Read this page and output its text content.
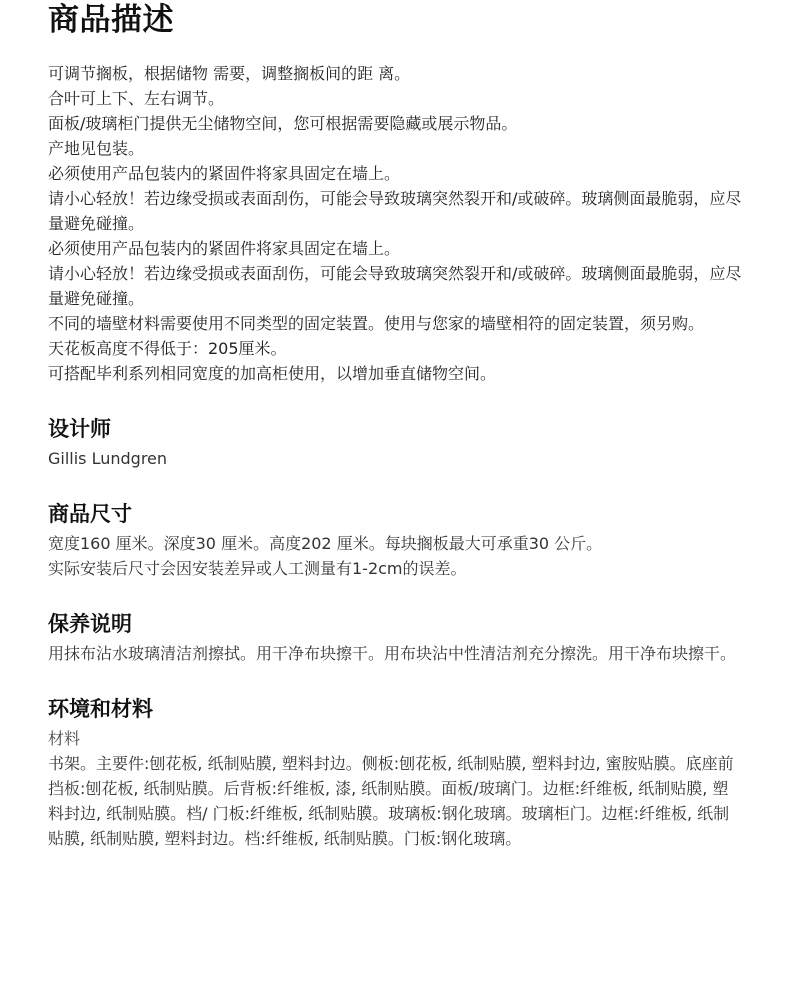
商品描述

可调节搁板，根据储物 需要，调整搁板间的距 离。

合叶可上下、左右调节。

面板/玻璃柜门提供无尘储物空间，您可根据需要隐藏或展示物品。

产地见包装。

必须使用产品包装内的紧固件将家具固定在墙上。

请小心轻放！若边缘受损或表面刮伤，可能会导致玻璃突然裂开和/或破碎。玻璃侧面最脆弱，应尽量避免碰撞。

必须使用产品包装内的紧固件将家具固定在墙上。

请小心轻放！若边缘受损或表面刮伤，可能会导致玻璃突然裂开和/或破碎。玻璃侧面最脆弱，应尽量避免碰撞。

不同的墙壁材料需要使用不同类型的固定装置。使用与您家的墙壁相符的固定装置，须另购。

天花板高度不得低于：205厘米。

可搭配毕利系列相同宽度的加高柜使用，以增加垂直储物空间。

设计师

Gillis Lundgren

商品尺寸

宽度160 厘米。深度30 厘米。高度202 厘米。每块搁板最大可承重30 公斤。

实际安装后尺寸会因安装差异或人工测量有1-2cm的误差。

保养说明

用抹布沾水玻璃清洁剂擦拭。用干净布块擦干。用布块沾中性清洁剂充分擦洗。用干净布块擦干。

环境和材料

材料

书架。主要件:刨花板, 纸制贴膜, 塑料封边。侧板:刨花板, 纸制贴膜, 塑料封边, 蜜胺贴膜。底座前挡板:刨花板, 纸制贴膜。后背板:纤维板, 漆, 纸制贴膜。面板/玻璃门。边框:纤维板, 纸制贴膜, 塑料封边, 纸制贴膜。档/ 门板:纤维板, 纸制贴膜。玻璃板:钢化玻璃。玻璃柜门。边框:纤维板, 纸制贴膜, 纸制贴膜, 塑料封边。档:纤维板, 纸制贴膜。门板:钢化玻璃。
